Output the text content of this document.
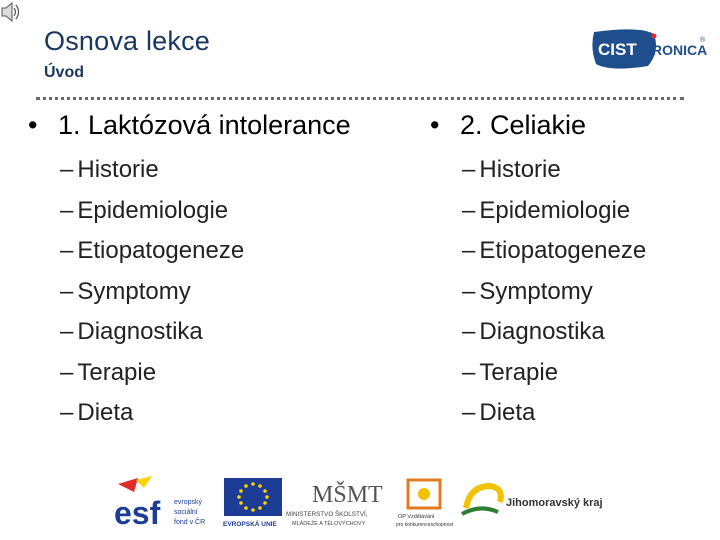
Osnova lekce
Úvod
CIST RONICA
®
• 1. Laktózová intolerance
– Historie
– Epidemiologie
– Etiopatogeneze
– Symptomy
– Diagnostika
– Terapie
– Dieta
• 2. Celiakie
– Historie
– Epidemiologie
– Etiopatogeneze
– Symptomy
– Diagnostika
– Terapie
– Dieta
esf evropský
sociální
fond v ČR	EVROPSKÁ UNIE
MŠMT
MINISTERSTVO ŠKOLSTVÍ,
MLÁDEŽE A TĚLOVÝCHOVY
OP Vzdělávání
pro konkurenceschopnost
Jihomoravský kraj
